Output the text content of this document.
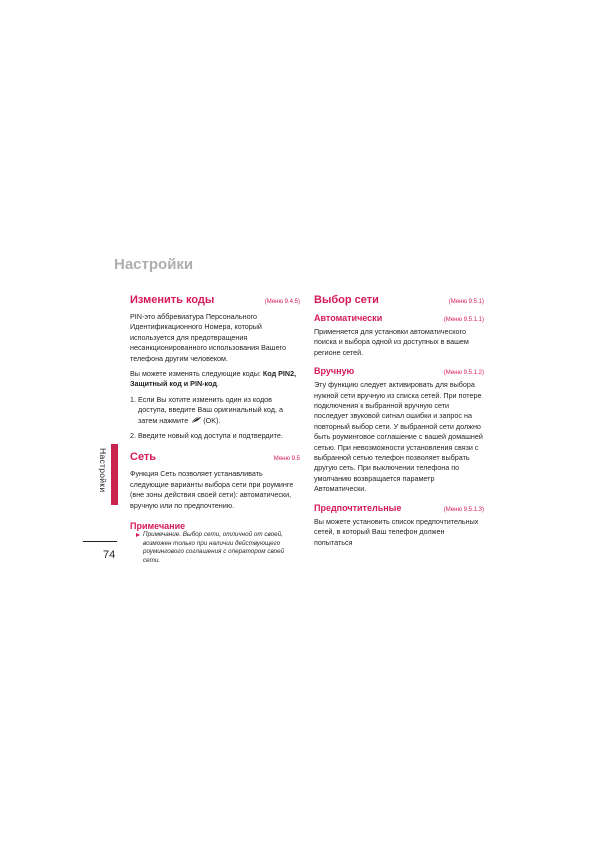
Настройки
Настройки
74
Изменить коды	(Меню 9.4.5)

PIN-это аббревиатура Персонального Идентификационного Номера, который используется для предотвращения несанкционированного использования Вашего телефона другим человеком.

Вы можете изменять следующие коды: Код PIN2, Защитный код и PIN-код.

1. Если Вы хотите изменить один из кодов доступа, введите Ваш оригинальный код, а затем нажмите (OK).
2. Введите новый код доступа и подтвердите.
Сеть	Меню 9.5

Функция Сеть позволяет устанавливать следующие варианты выбора сети при роуминге (вне зоны действия своей сети): автоматически, вручную или по предпочтению.

Примечание

Примечание. Выбор сети, отличной от своей, возможен только при наличии действующего роумингового соглашения с оператором своей сети.

Выбор сети	(Меню 9.5.1)
Автоматически	(Меню 9.5.1.1)

Применяется для установки автоматического поиска и выбора одной из доступных в вашем регионе сетей.

Вручную	(Меню 9.5.1.2)

Эту функцию следует активировать для выбора нужной сети вручную из списка сетей. При потере подключения к выбранной вручную сети последует звуковой сигнал ошибки и запрос на повторный выбор сети. У выбранной сети должно быть роуминговое соглашение с вашей домашней сетью. При невозможности установления связи с выбранной сетью телефон позволяет выбрать другую сеть. При выключении телефона по умолчанию возвращается параметр Автоматически.

Предпочтительные	(Меню 9.5.1.3)

Вы можете установить список предпочтительных сетей, в который Ваш телефон должен попытаться
